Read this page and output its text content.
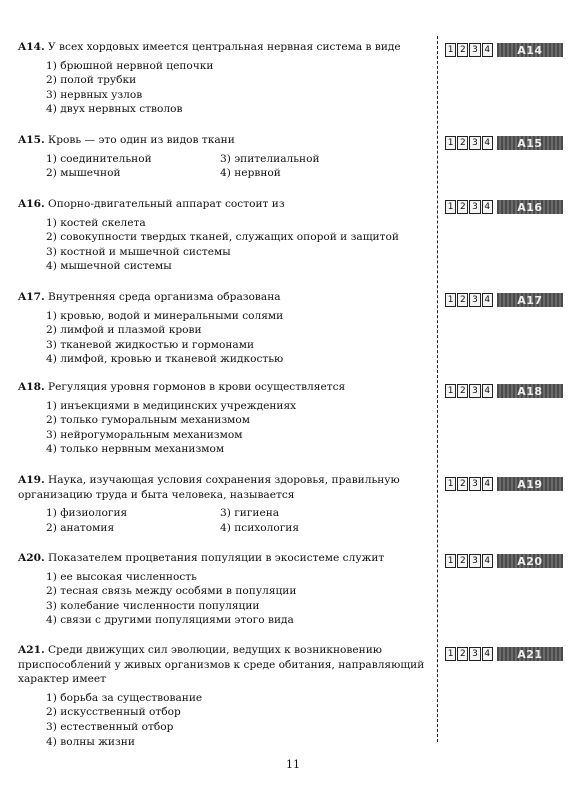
A14. У всех хордовых имеется центральная нервная система в виде

1) брюшной нервной цепочки
2) полой трубки
3) нервных узлов
4) двух нервных стволов

A15. Кровь — это один из видов ткани

1) соединительной	3) эпителиальной
2) мышечной	4) нервной

A16. Опорно-двигательный аппарат состоит из

1) костей скелета
2) совокупности твердых тканей, служащих опорой и защитой
3) костной и мышечной системы
4) мышечной системы

A17. Внутренняя среда организма образована

1) кровью, водой и минеральными солями
2) лимфой и плазмой крови
3) тканевой жидкостью и гормонами
4) лимфой, кровью и тканевой жидкостью

A18. Регуляция уровня гормонов в крови осуществляется

1) инъекциями в медицинских учреждениях
2) только гуморальным механизмом
3) нейрогуморальным механизмом
4) только нервным механизмом

A19. Наука, изучающая условия сохранения здоровья, правильную организацию труда и быта человека, называется

1) физиология	3) гигиена
2) анатомия	4) психология

A20. Показателем процветания популяции в экосистеме служит

1) ее высокая численность
2) тесная связь между особями в популяции
3) колебание численности популяции
4) связи с другими популяциями этого вида

A21. Среди движущих сил эволюции, ведущих к возникновению приспособлений у живых организмов к среде обитания, направляющий характер имеет

1) борьба за существование
2) искусственный отбор
3) естественный отбор
4) волны жизни
1 2 3 4	A14
1 2 3 4	A15
1 2 3 4	A16
1 2 3 4	A17
1 2 3 4	A18
1 2 3 4	A19
1 2 3 4	A20
1 2 3 4	A21
11
